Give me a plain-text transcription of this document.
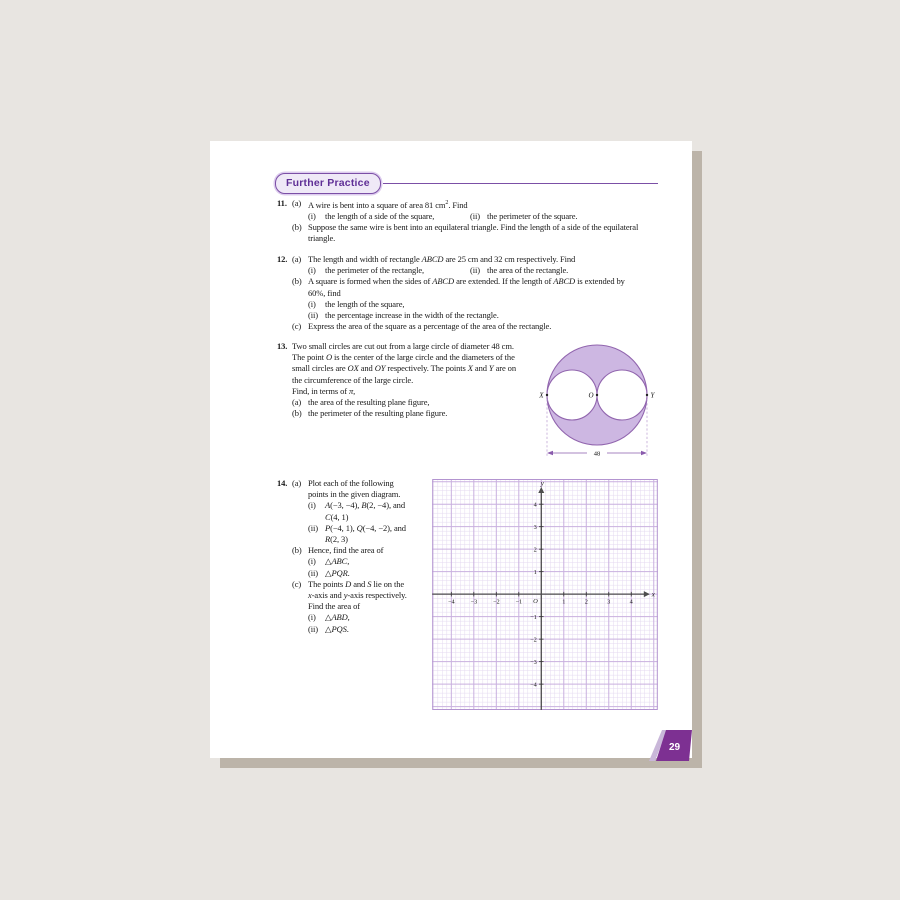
Further Practice
11. (a) A wire is bent into a square of area 81 $cm^2$. Find
(i)	the length of a side of the square,	(ii) the perimeter of the square.
(b) Suppose the same wire is bent into an equilateral triangle. Find the length of a side of the equilateral
triangle.
12. (a) The length and width of rectangle ABCD are 25 cm and 32 cm respectively. Find
(i)	the perimeter of the rectangle,	(ii) the area of the rectangle.
(b) A square is formed when the sides of ABCD are extended. If the length of ABCD is extended by
60%, find
(i)	the length of the square,
(ii) the percentage increase in the width of the rectangle.
(c) Express the area of the square as a percentage of the area of the rectangle.
13. Two small circles are cut out from a large circle of diameter 48 cm.
The point O is the center of the large circle and the diameters of the
small circles are OX and OY respectively. The points X and Y are on
the circumference of the large circle.
Find, in terms of π,
(a) the area of the resulting plane figure,
(b) the perimeter of the resulting plane figure.
14. (a) Plot each of the following
points in the given diagram.
(i)	A(−3, −4), B(2, −4), and
C(4, 1)
(ii) P(−4, 1), Q(−4, −2), and
R(2, 3)
(b) Hence, find the area of
(i)	△ABC,
(ii) △PQR.
(c) The points D and S lie on the
x-axis and y-axis respectively.
Find the area of
(i)	△ABD,
(ii) △PQS.
X	O	Y
48
x
y
O
−4	−3	−2	−1	1	2	3	4
4
3
2
1
−1
−2
−3
−4
29
